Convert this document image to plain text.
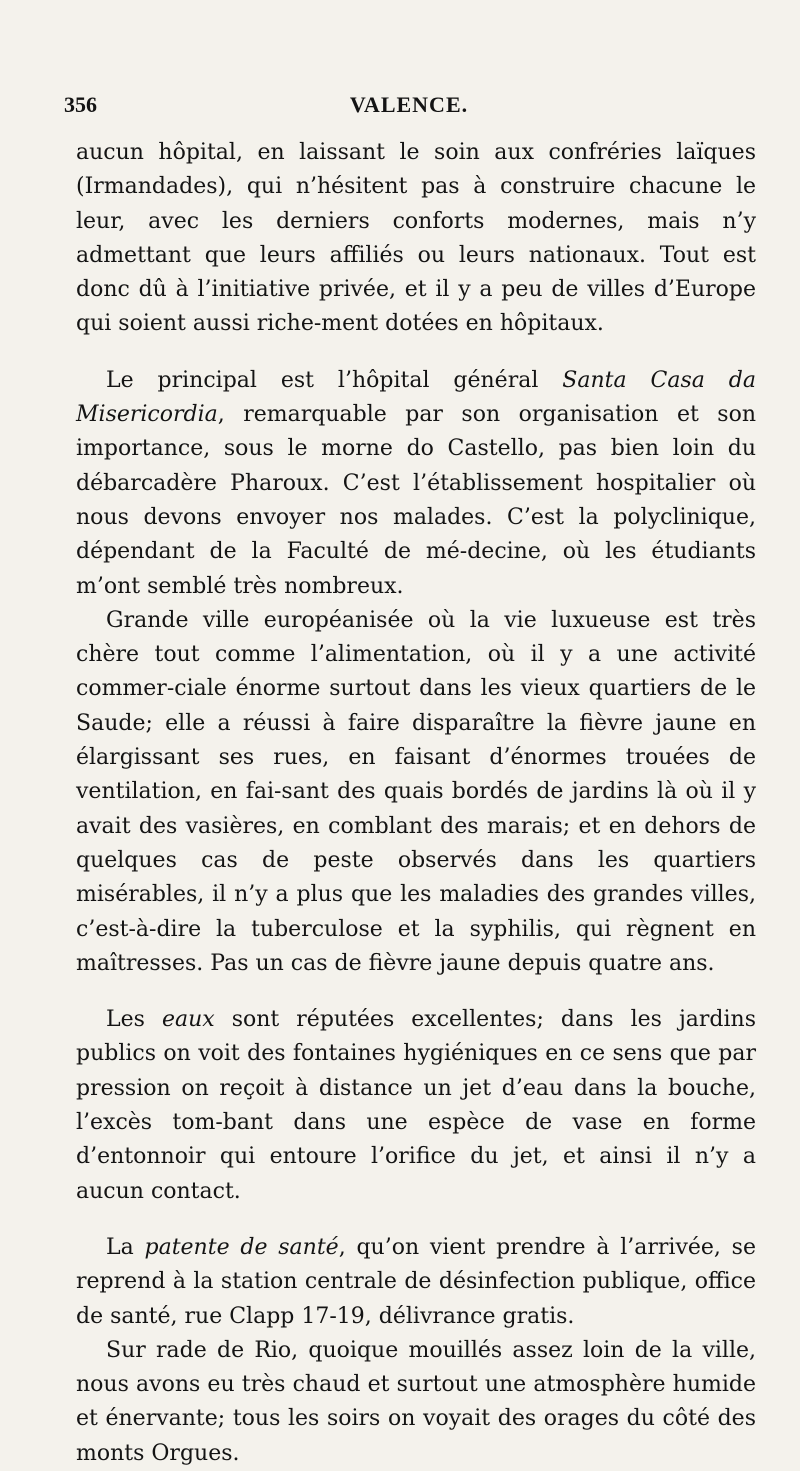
356	VALENCE.

aucun hôpital, en laissant le soin aux confréries laïques (Irmandades), qui n’hésitent pas à construire chacune le leur, avec les derniers conforts modernes, mais n’y admettant que leurs affiliés ou leurs nationaux. Tout est donc dû à l’initiative privée, et il y a peu de villes d’Europe qui soient aussi riche-ment dotées en hôpitaux.

Le principal est l’hôpital général Santa Casa da Misericordia, remarquable par son organisation et son importance, sous le morne do Castello, pas bien loin du débarcadère Pharoux. C’est l’établissement hospitalier où nous devons envoyer nos malades. C’est la polyclinique, dépendant de la Faculté de mé-decine, où les étudiants m’ont semblé très nombreux.

Grande ville européanisée où la vie luxueuse est très chère tout comme l’alimentation, où il y a une activité commer-ciale énorme surtout dans les vieux quartiers de le Saude; elle a réussi à faire disparaître la fièvre jaune en élargissant ses rues, en faisant d’énormes trouées de ventilation, en fai-sant des quais bordés de jardins là où il y avait des vasières, en comblant des marais; et en dehors de quelques cas de peste observés dans les quartiers misérables, il n’y a plus que les maladies des grandes villes, c’est-à-dire la tuberculose et la syphilis, qui règnent en maîtresses. Pas un cas de fièvre jaune depuis quatre ans.

Les eaux sont réputées excellentes; dans les jardins publics on voit des fontaines hygiéniques en ce sens que par pression on reçoit à distance un jet d’eau dans la bouche, l’excès tom-bant dans une espèce de vase en forme d’entonnoir qui entoure l’orifice du jet, et ainsi il n’y a aucun contact.

La patente de santé, qu’on vient prendre à l’arrivée, se reprend à la station centrale de désinfection publique, office de santé, rue Clapp 17-19, délivrance gratis.

Sur rade de Rio, quoique mouillés assez loin de la ville, nous avons eu très chaud et surtout une atmosphère humide et énervante; tous les soirs on voyait des orages du côté des monts Orgues.
